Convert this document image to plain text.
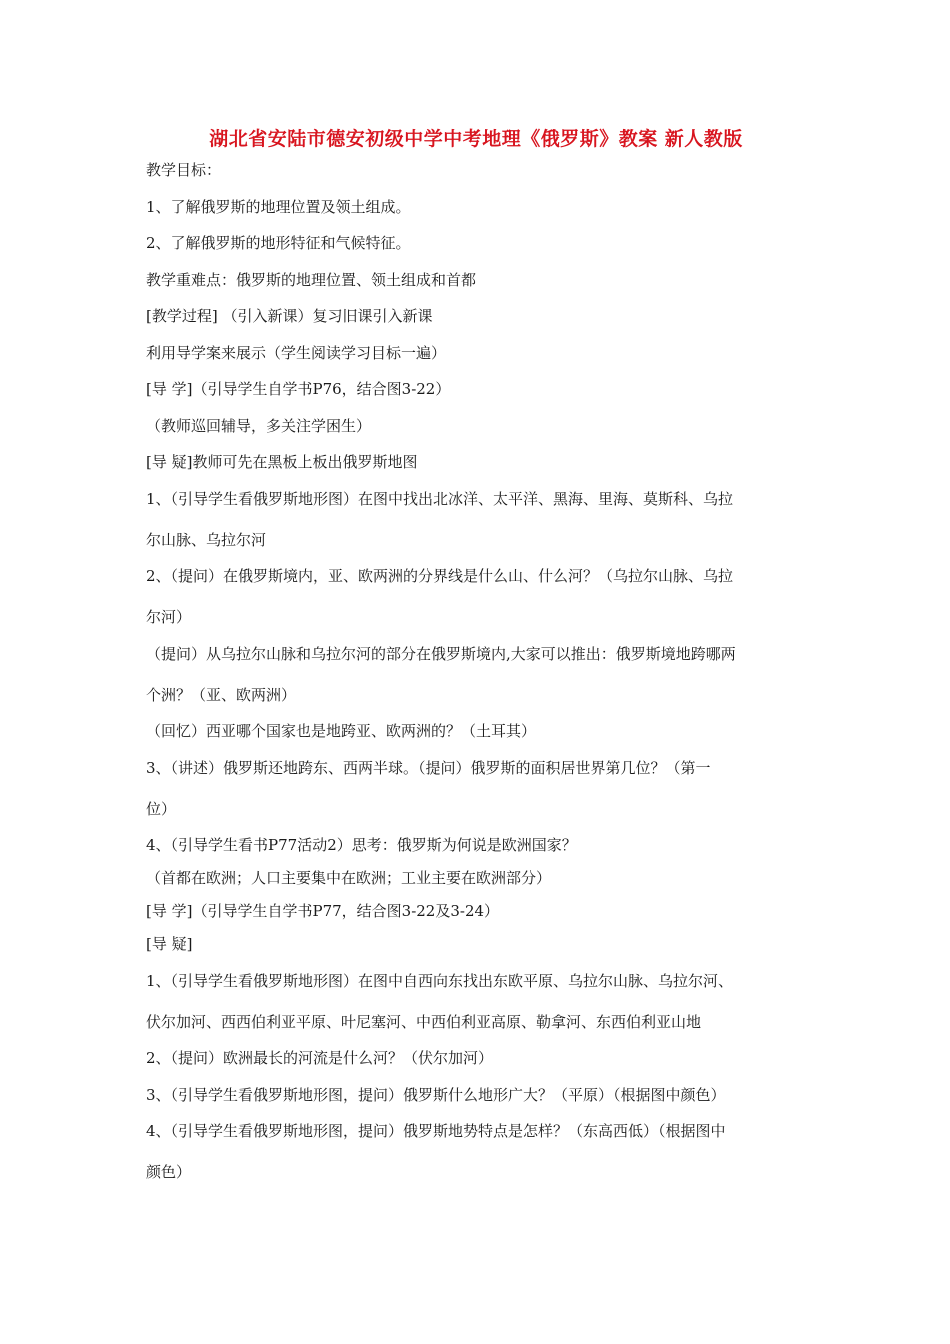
湖北省安陆市德安初级中学中考地理《俄罗斯》教案 新人教版

教学目标：

1、了解俄罗斯的地理位置及领土组成。

2、了解俄罗斯的地形特征和气候特征。

教学重难点：俄罗斯的地理位置、领土组成和首都

[教学过程] （引入新课）复习旧课引入新课

利用导学案来展示（学生阅读学习目标一遍）

[导 学]（引导学生自学书P76，结合图3-22）

（教师巡回辅导，多关注学困生）

[导 疑]教师可先在黑板上板出俄罗斯地图

1、（引导学生看俄罗斯地形图）在图中找出北冰洋、太平洋、黑海、里海、莫斯科、乌拉

尔山脉、乌拉尔河

2、（提问）在俄罗斯境内，亚、欧两洲的分界线是什么山、什么河？（乌拉尔山脉、乌拉

尔河）

（提问）从乌拉尔山脉和乌拉尔河的部分在俄罗斯境内,大家可以推出：俄罗斯境地跨哪两

个洲？（亚、欧两洲）

（回忆）西亚哪个国家也是地跨亚、欧两洲的？（土耳其）

3、（讲述）俄罗斯还地跨东、西两半球。（提问）俄罗斯的面积居世界第几位？（第一

位）

4、（引导学生看书P77活动2）思考：俄罗斯为何说是欧洲国家？

（首都在欧洲；人口主要集中在欧洲；工业主要在欧洲部分）

[导 学]（引导学生自学书P77，结合图3-22及3-24）

[导 疑]

1、（引导学生看俄罗斯地形图）在图中自西向东找出东欧平原、乌拉尔山脉、乌拉尔河、

伏尔加河、西西伯利亚平原、叶尼塞河、中西伯利亚高原、勒拿河、东西伯利亚山地

2、（提问）欧洲最长的河流是什么河？（伏尔加河）

3、（引导学生看俄罗斯地形图，提问）俄罗斯什么地形广大？（平原）（根据图中颜色）

4、（引导学生看俄罗斯地形图，提问）俄罗斯地势特点是怎样？（东高西低）（根据图中

颜色）
